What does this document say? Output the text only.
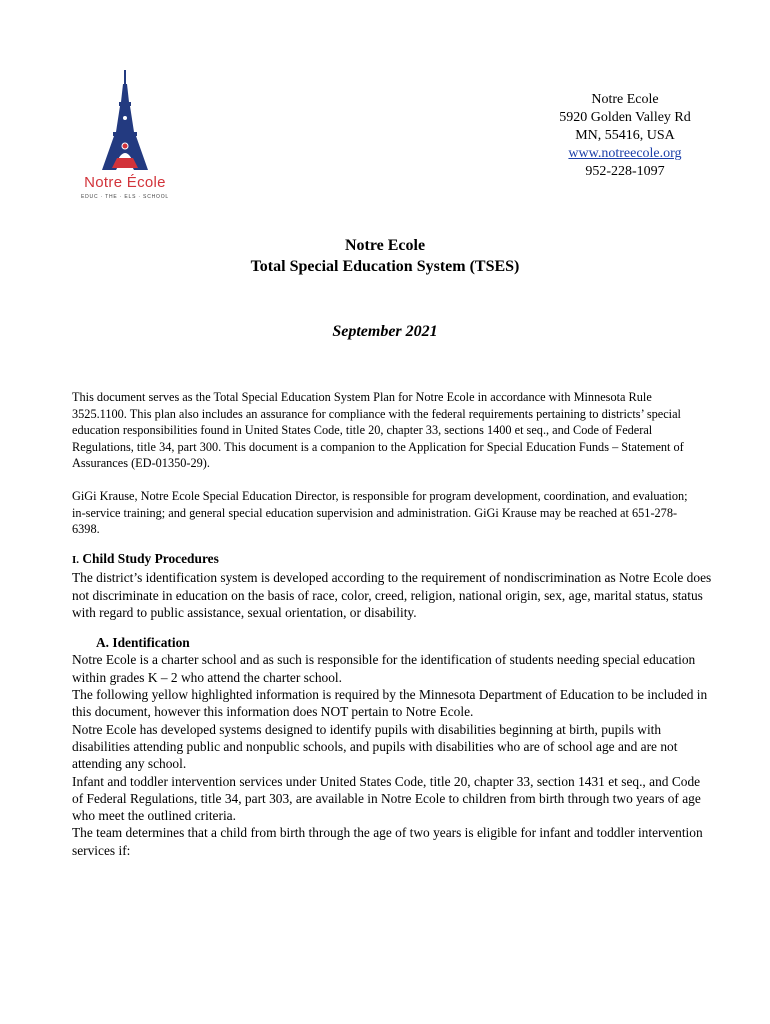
Notre École
EDUC · THE · ELS · SCHOOL
Notre Ecole
5920 Golden Valley Rd
MN, 55416, USA
www.notreecole.org
952-228-1097
Notre Ecole
Total Special Education System (TSES)
September 2021
This document serves as the Total Special Education System Plan for Notre Ecole in accordance with Minnesota Rule 3525.1100. This plan also includes an assurance for compliance with the federal requirements pertaining to districts’ special education responsibilities found in United States Code, title 20, chapter 33, sections 1400 et seq., and Code of Federal Regulations, title 34, part 300. This document is a companion to the Application for Special Education Funds – Statement of Assurances (ED-01350-29).
GiGi Krause, Notre Ecole Special Education Director, is responsible for program development, coordination, and evaluation; in-service training; and general special education supervision and administration. GiGi Krause may be reached at 651-278-6398.

I. Child Study Procedures

The district’s identification system is developed according to the requirement of nondiscrimination as Notre Ecole does not discriminate in education on the basis of race, color, creed, religion, national origin, sex, age, marital status, status with regard to public assistance, sexual orientation, or disability.

A. Identification

Notre Ecole is a charter school and as such is responsible for the identification of students needing special education within grades K – 2 who attend the charter school.

The following yellow highlighted information is required by the Minnesota Department of Education to be included in this document, however this information does NOT pertain to Notre Ecole.

Notre Ecole has developed systems designed to identify pupils with disabilities beginning at birth, pupils with disabilities attending public and nonpublic schools, and pupils with disabilities who are of school age and are not attending any school.

Infant and toddler intervention services under United States Code, title 20, chapter 33, section 1431 et seq., and Code of Federal Regulations, title 34, part 303, are available in Notre Ecole to children from birth through two years of age who meet the outlined criteria.

The team determines that a child from birth through the age of two years is eligible for infant and toddler intervention services if:
